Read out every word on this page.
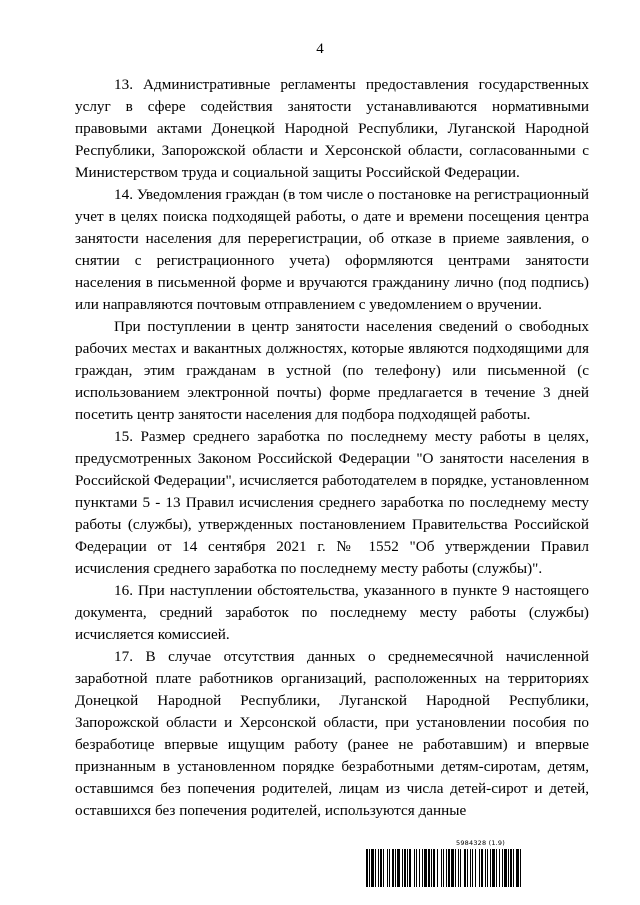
4

13. Административные регламенты предоставления государственных услуг в сфере содействия занятости устанавливаются нормативными правовыми актами Донецкой Народной Республики, Луганской Народной Республики, Запорожской области и Херсонской области, согласованными с Министерством труда и социальной защиты Российской Федерации.

14. Уведомления граждан (в том числе о постановке на регистрационный учет в целях поиска подходящей работы, о дате и времени посещения центра занятости населения для перерегистрации, об отказе в приеме заявления, о снятии с регистрационного учета) оформляются центрами занятости населения в письменной форме и вручаются гражданину лично (под подпись) или направляются почтовым отправлением с уведомлением о вручении.

При поступлении в центр занятости населения сведений о свободных рабочих местах и вакантных должностях, которые являются подходящими для граждан, этим гражданам в устной (по телефону) или письменной (с использованием электронной почты) форме предлагается в течение 3 дней посетить центр занятости населения для подбора подходящей работы.

15. Размер среднего заработка по последнему месту работы в целях, предусмотренных Законом Российской Федерации "О занятости населения в Российской Федерации", исчисляется работодателем в порядке, установленном пунктами 5 - 13 Правил исчисления среднего заработка по последнему месту работы (службы), утвержденных постановлением Правительства Российской Федерации от 14 сентября 2021 г. № 1552 "Об утверждении Правил исчисления среднего заработка по последнему месту работы (службы)".

16. При наступлении обстоятельства, указанного в пункте 9 настоящего документа, средний заработок по последнему месту работы (службы) исчисляется комиссией.

17. В случае отсутствия данных о среднемесячной начисленной заработной плате работников организаций, расположенных на территориях Донецкой Народной Республики, Луганской Народной Республики, Запорожской области и Херсонской области, при установлении пособия по безработице впервые ищущим работу (ранее не работавшим) и впервые признанным в установленном порядке безработными детям-сиротам, детям, оставшимся без попечения родителей, лицам из числа детей-сирот и детей, оставшихся без попечения родителей, используются данные

5984328 (1.9)
